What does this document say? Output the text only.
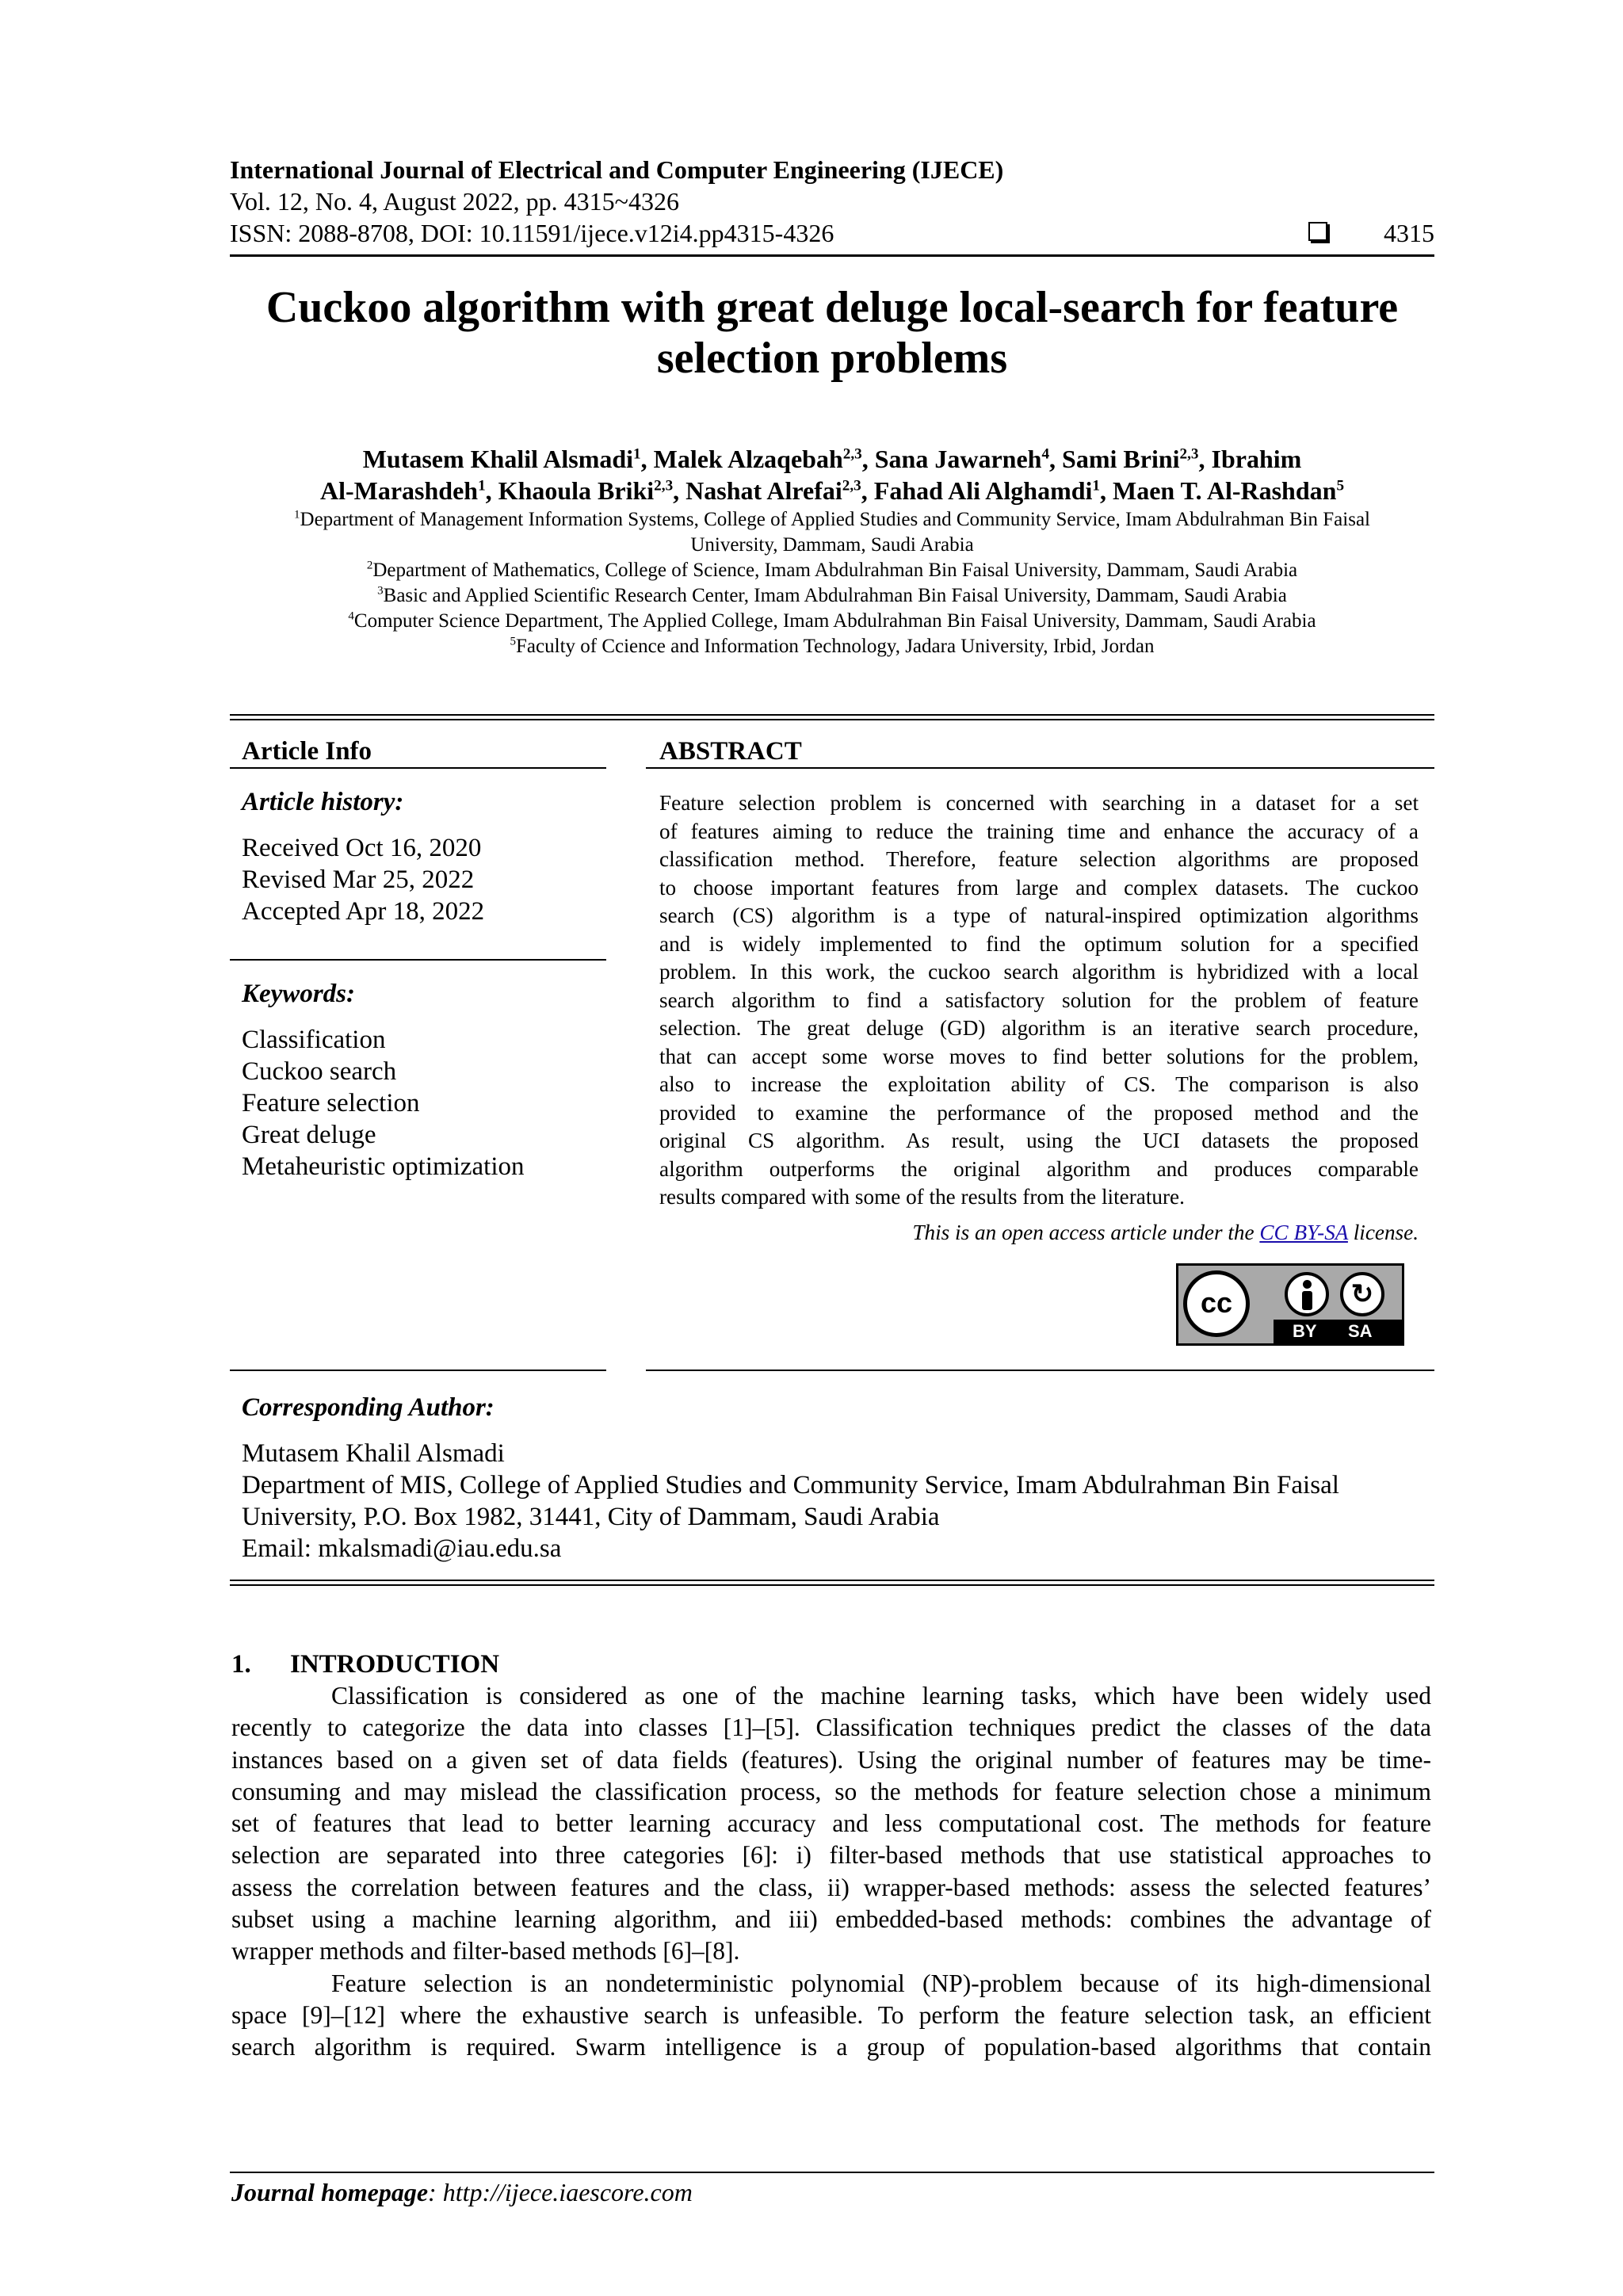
International Journal of Electrical and Computer Engineering (IJECE)
Vol. 12, No. 4, August 2022, pp. 4315~4326
ISSN: 2088-8708, DOI: 10.11591/ijece.v12i4.pp4315-4326	4315
Cuckoo algorithm with great deluge local-search for feature
selection problems
Mutasem Khalil Alsmadi$^1$, Malek Alzaqebah$^{2,3}$, Sana Jawarneh$^4$, Sami Brini$^{2,3}$, Ibrahim
Al-Marashdeh$^1$, Khaoula Briki$^{2,3}$, Nashat Alrefai$^{2,3}$, Fahad Ali Alghamdi$^1$, Maen T. Al-Rashdan$^5$
$^1$Department of Management Information Systems, College of Applied Studies and Community Service, Imam Abdulrahman Bin Faisal
University, Dammam, Saudi Arabia
$^2$Department of Mathematics, College of Science, Imam Abdulrahman Bin Faisal University, Dammam, Saudi Arabia
$^3$Basic and Applied Scientific Research Center, Imam Abdulrahman Bin Faisal University, Dammam, Saudi Arabia
$^4$Computer Science Department, The Applied College, Imam Abdulrahman Bin Faisal University, Dammam, Saudi Arabia
$^5$Faculty of Ccience and Information Technology, Jadara University, Irbid, Jordan
Article Info	ABSTRACT
Article history:
Received Oct 16, 2020
Revised Mar 25, 2022
Accepted Apr 18, 2022
Keywords:
Classification
Cuckoo search
Feature selection
Great deluge
Metaheuristic optimization
Feature selection problem is concerned with searching in a dataset for a set
of features aiming to reduce the training time and enhance the accuracy of a
classification method. Therefore, feature selection algorithms are proposed
to choose important features from large and complex datasets. The cuckoo
search (CS) algorithm is a type of natural-inspired optimization algorithms
and is widely implemented to find the optimum solution for a specified
problem. In this work, the cuckoo search algorithm is hybridized with a local
search algorithm to find a satisfactory solution for the problem of feature
selection. The great deluge (GD) algorithm is an iterative search procedure,
that can accept some worse moves to find better solutions for the problem,
also to increase the exploitation ability of CS. The comparison is also
provided to examine the performance of the proposed method and the
original CS algorithm. As result, using the UCI datasets the proposed
algorithm outperforms the original algorithm and produces comparable
results compared with some of the results from the literature.
This is an open access article under the CC BY-SA license.
cc	↻
BY SA
Corresponding Author:
Mutasem Khalil Alsmadi
Department of MIS, College of Applied Studies and Community Service, Imam Abdulrahman Bin Faisal
University, P.O. Box 1982, 31441, City of Dammam, Saudi Arabia
Email: mkalsmadi@iau.edu.sa
1. INTRODUCTION
Classification is considered as one of the machine learning tasks, which have been widely used
recently to categorize the data into classes [1]–[5]. Classification techniques predict the classes of the data
instances based on a given set of data fields (features). Using the original number of features may be time-
consuming and may mislead the classification process, so the methods for feature selection chose a minimum
set of features that lead to better learning accuracy and less computational cost. The methods for feature
selection are separated into three categories [6]: i) filter-based methods that use statistical approaches to
assess the correlation between features and the class, ii) wrapper-based methods: assess the selected features’
subset using a machine learning algorithm, and iii) embedded-based methods: combines the advantage of
wrapper methods and filter-based methods [6]–[8].
Feature selection is an nondeterministic polynomial (NP)-problem because of its high-dimensional
space [9]–[12] where the exhaustive search is unfeasible. To perform the feature selection task, an efficient
search algorithm is required. Swarm intelligence is a group of population-based algorithms that contain
Journal homepage: http://ijece.iaescore.com
